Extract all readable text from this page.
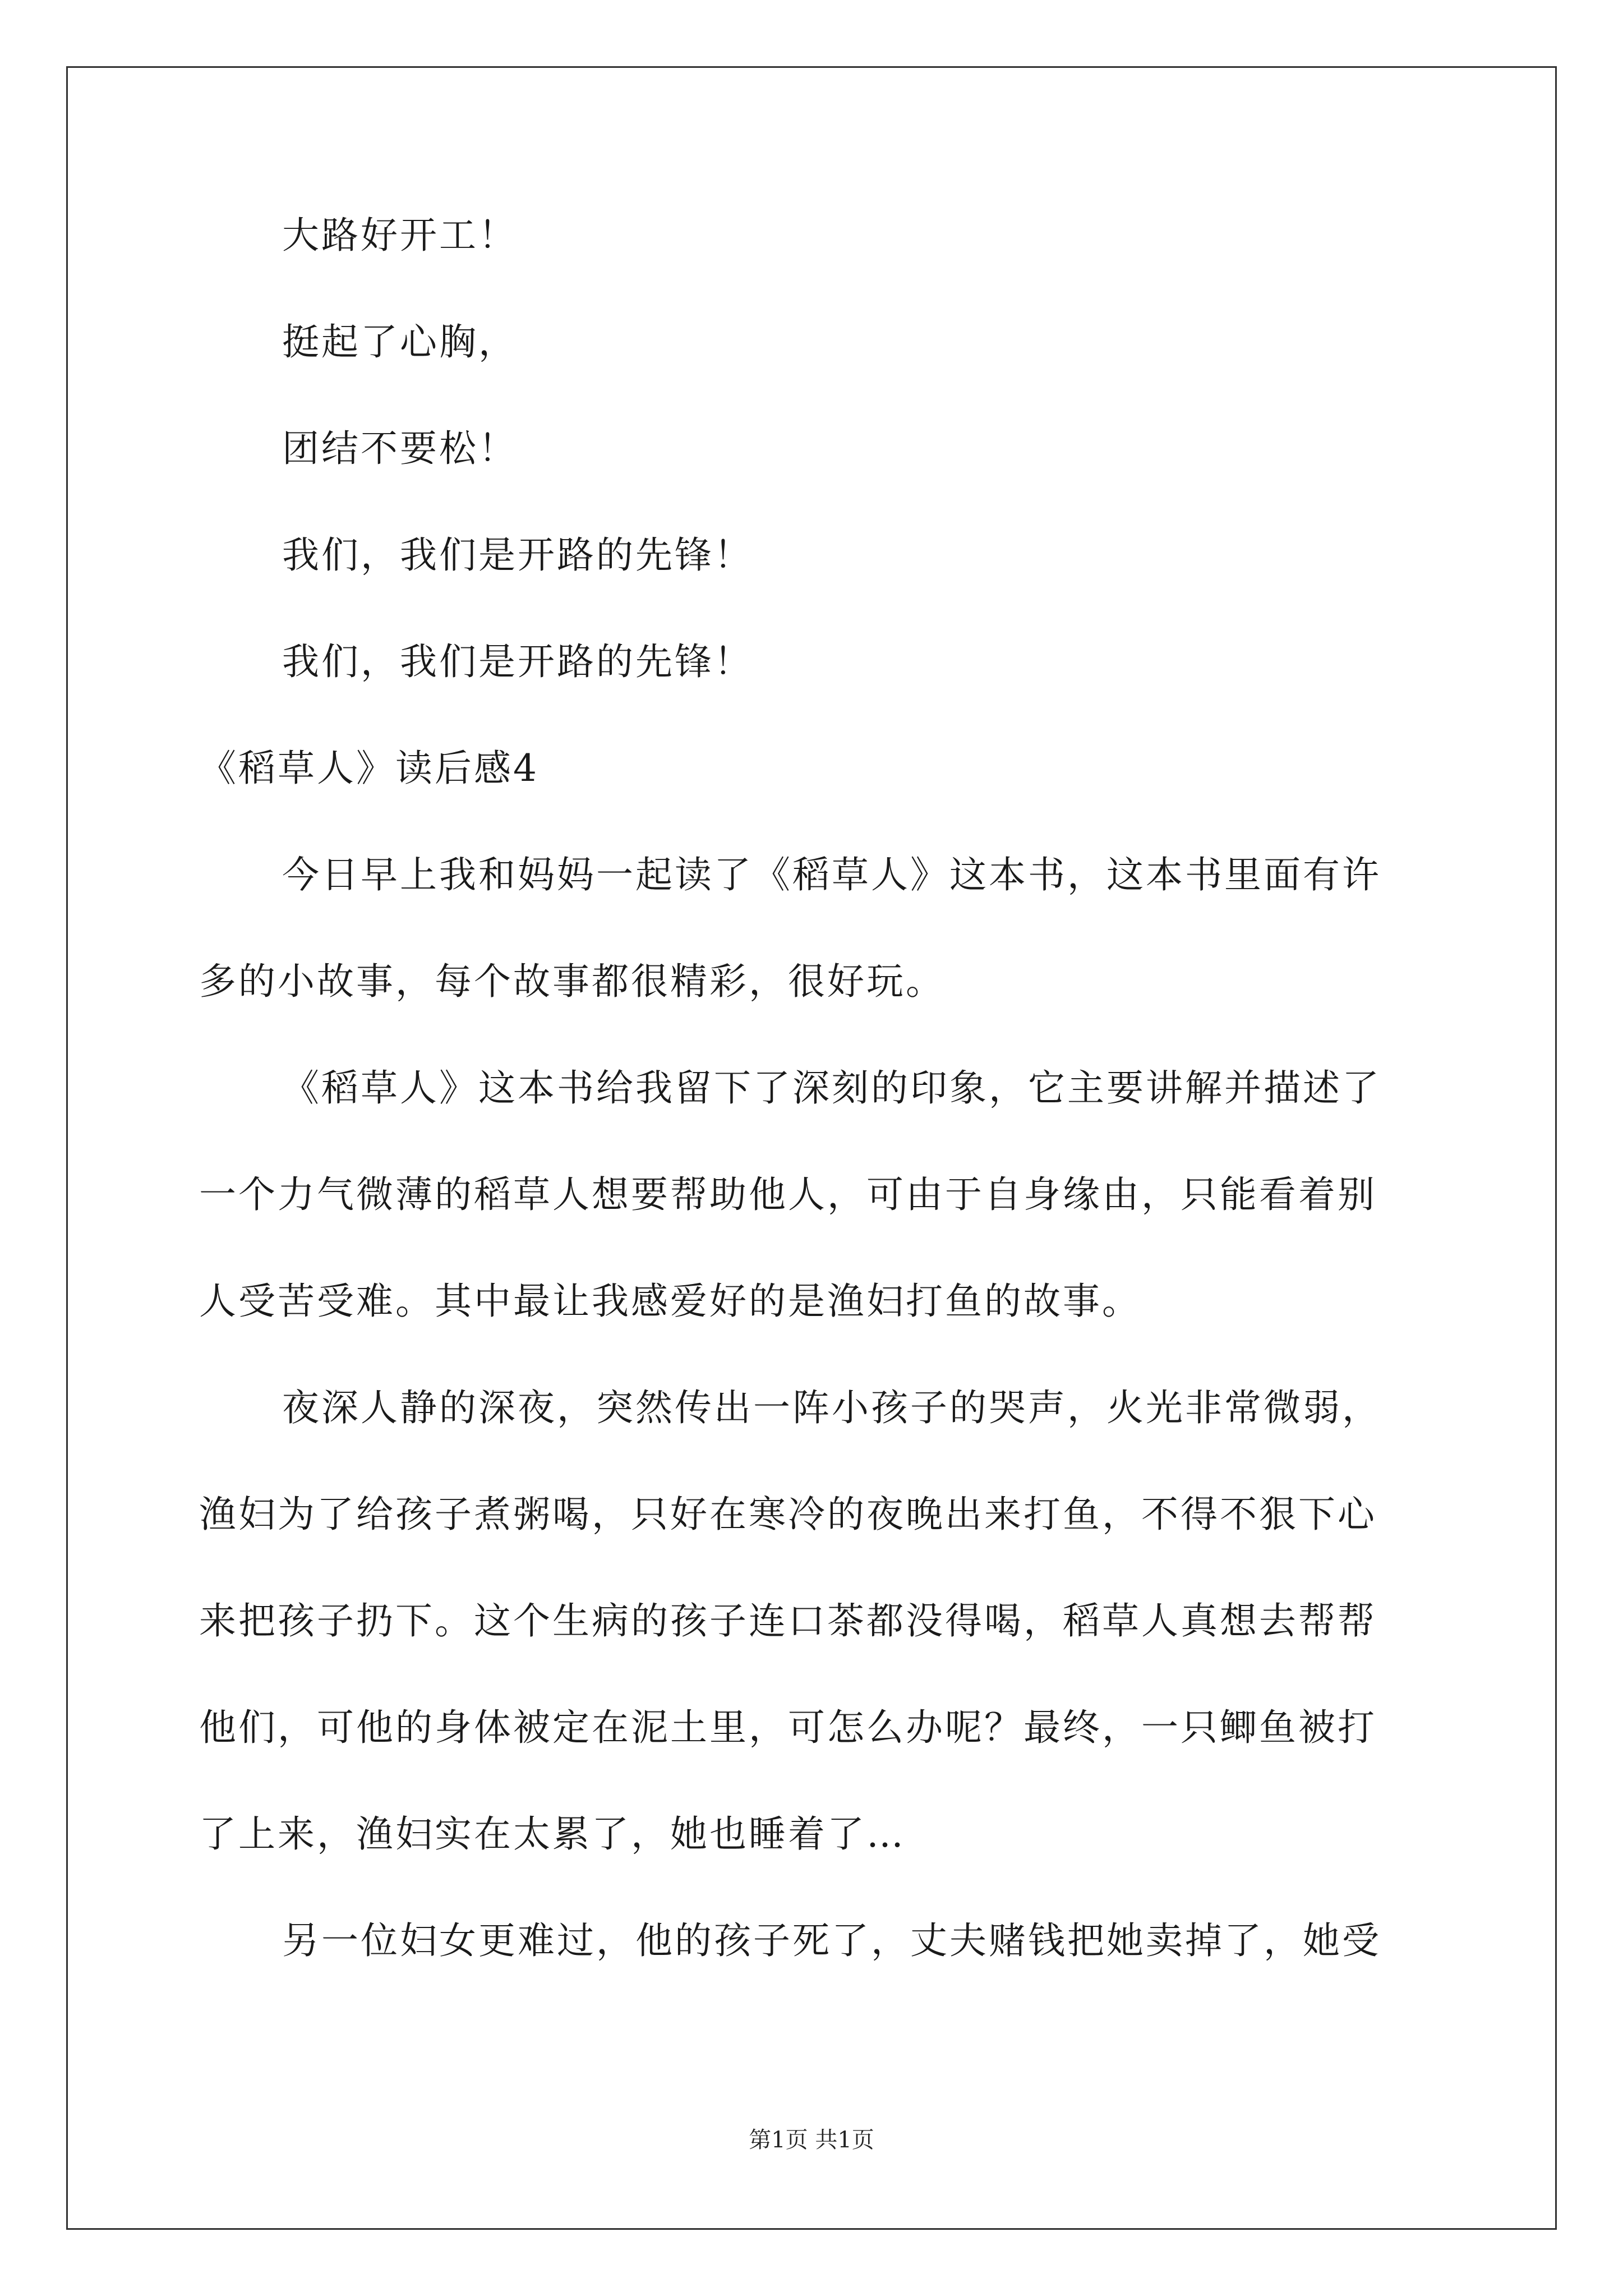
大路好开工！
挺起了心胸，
团结不要松！
我们，我们是开路的先锋！
我们，我们是开路的先锋！
《稻草人》读后感4
今日早上我和妈妈一起读了《稻草人》这本书，这本书里面有许
多的小故事，每个故事都很精彩，很好玩。
《稻草人》这本书给我留下了深刻的印象，它主要讲解并描述了
一个力气微薄的稻草人想要帮助他人，可由于自身缘由，只能看着别
人受苦受难。其中最让我感爱好的是渔妇打鱼的故事。
夜深人静的深夜，突然传出一阵小孩子的哭声，火光非常微弱，
渔妇为了给孩子煮粥喝，只好在寒冷的夜晚出来打鱼，不得不狠下心
来把孩子扔下。这个生病的孩子连口茶都没得喝，稻草人真想去帮帮
他们，可他的身体被定在泥土里，可怎么办呢？最终，一只鲫鱼被打
了上来，渔妇实在太累了，她也睡着了…
另一位妇女更难过，他的孩子死了，丈夫赌钱把她卖掉了，她受
第1页 共1页
